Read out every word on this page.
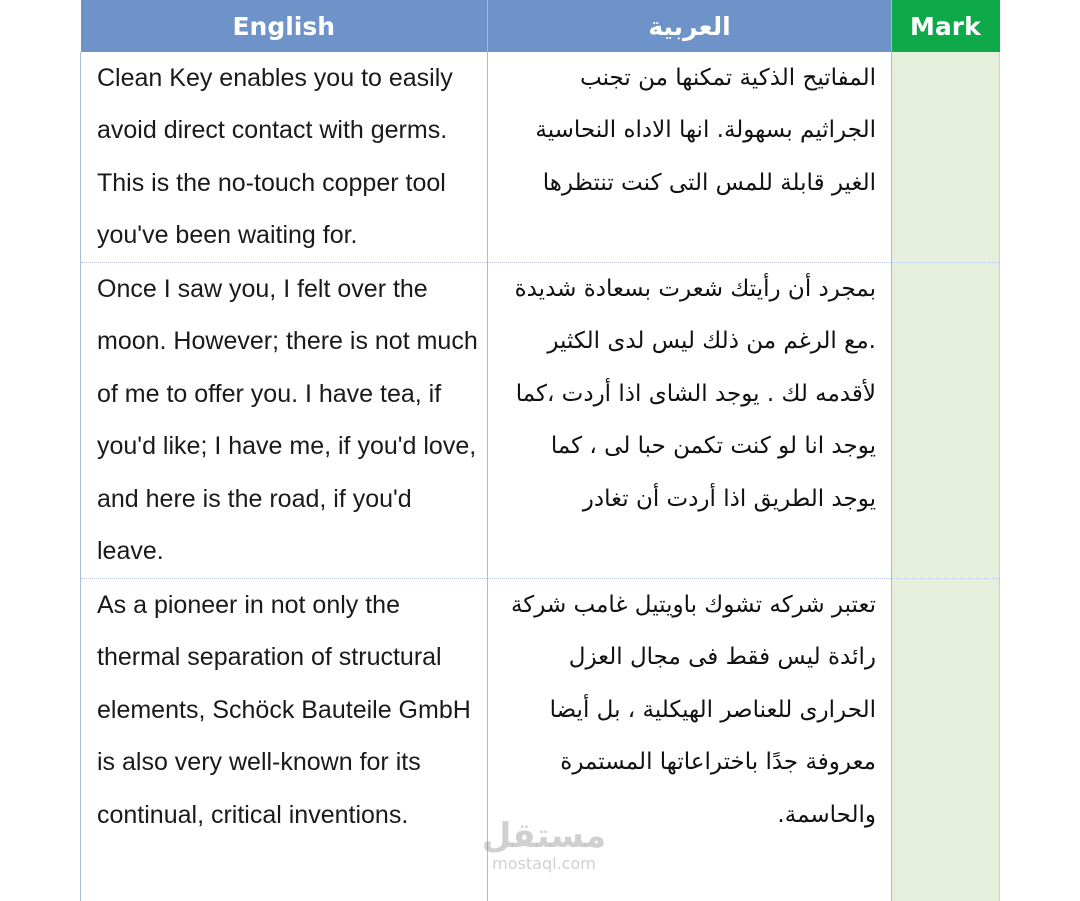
English	العربية	Mark
Clean Key enables you to easily avoid direct contact with germs. This is the no-touch copper tool you've been waiting for.	المفاتيح الذكية تمكنها من تجنب الجراثيم بسهولة. انها الاداه النحاسية الغير قابلة للمس التى كنت تنتظرها	
Once I saw you, I felt over the moon. However; there is not much of me to offer you. I have tea, if you'd like; I have me, if you'd love, and here is the road, if you'd leave.	بمجرد أن رأيتك شعرت بسعادة شديدة .مع الرغم من ذلك ليس لدى الكثير لأقدمه لك . يوجد الشاى اذا أردت ،كما يوجد انا لو كنت تكمن حبا لى ، كما يوجد الطريق اذا أردت أن تغادر	
As a pioneer in not only the thermal separation of structural elements, Schöck Bauteile GmbH is also very well-known for its continual, critical inventions.	تعتبر شركه تشوك باويتيل غامب شركة رائدة ليس فقط فى مجال العزل الحرارى للعناصر الهيكلية ، بل أيضا معروفة جدًا باختراعاتها المستمرة والحاسمة.	
مستقل
mostaql.com
